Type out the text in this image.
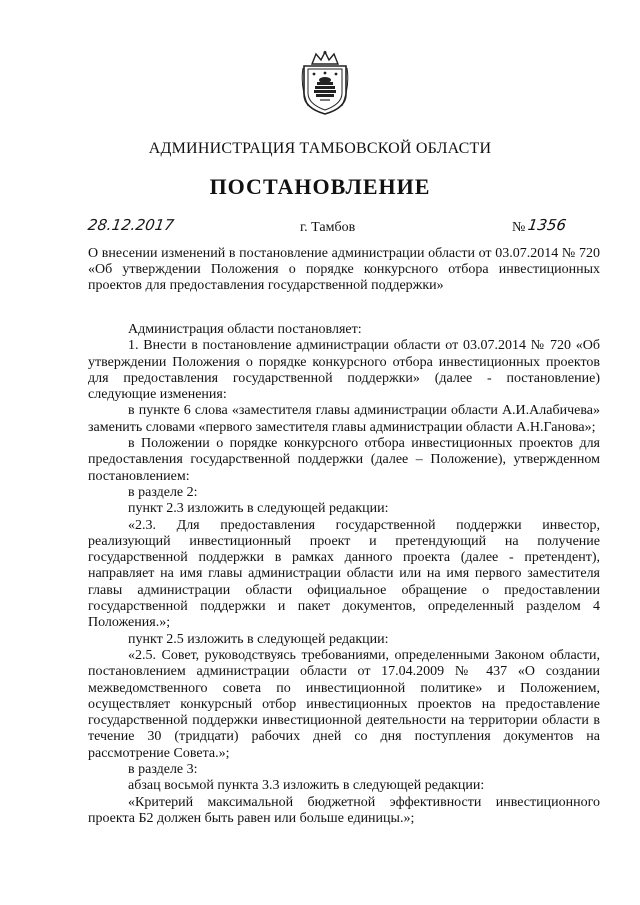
АДМИНИСТРАЦИЯ ТАМБОВСКОЙ ОБЛАСТИ
ПОСТАНОВЛЕНИЕ
28.12.2017	г. Тамбов	№ 1356
О внесении изменений в постановление администрации области от 03.07.2014 № 720 «Об утверждении Положения о порядке конкурсного отбора инвестиционных проектов для предоставления государственной поддержки»

Администрация области постановляет:

1. Внести в постановление администрации области от 03.07.2014 № 720 «Об утверждении Положения о порядке конкурсного отбора инвестиционных проектов для предоставления государственной поддержки» (далее - постановление) следующие изменения:

в пункте 6 слова «заместителя главы администрации области А.И.Алабичева» заменить словами «первого заместителя главы администрации области А.Н.Ганова»;

в Положении о порядке конкурсного отбора инвестиционных проектов для предоставления государственной поддержки (далее – Положение), утвержденном постановлением:

в разделе 2:

пункт 2.3 изложить в следующей редакции:

«2.3. Для предоставления государственной поддержки инвестор, реализующий инвестиционный проект и претендующий на получение государственной поддержки в рамках данного проекта (далее - претендент), направляет на имя главы администрации области или на имя первого заместителя главы администрации области официальное обращение о предоставлении государственной поддержки и пакет документов, определенный разделом 4 Положения.»;

пункт 2.5 изложить в следующей редакции:

«2.5. Совет, руководствуясь требованиями, определенными Законом области, постановлением администрации области от 17.04.2009 № 437 «О создании межведомственного совета по инвестиционной политике» и Положением, осуществляет конкурсный отбор инвестиционных проектов на предоставление государственной поддержки инвестиционной деятельности на территории области в течение 30 (тридцати) рабочих дней со дня поступления документов на рассмотрение Совета.»;

в разделе 3:

абзац восьмой пункта 3.3 изложить в следующей редакции:

«Критерий максимальной бюджетной эффективности инвестиционного проекта Б2 должен быть равен или больше единицы.»;
